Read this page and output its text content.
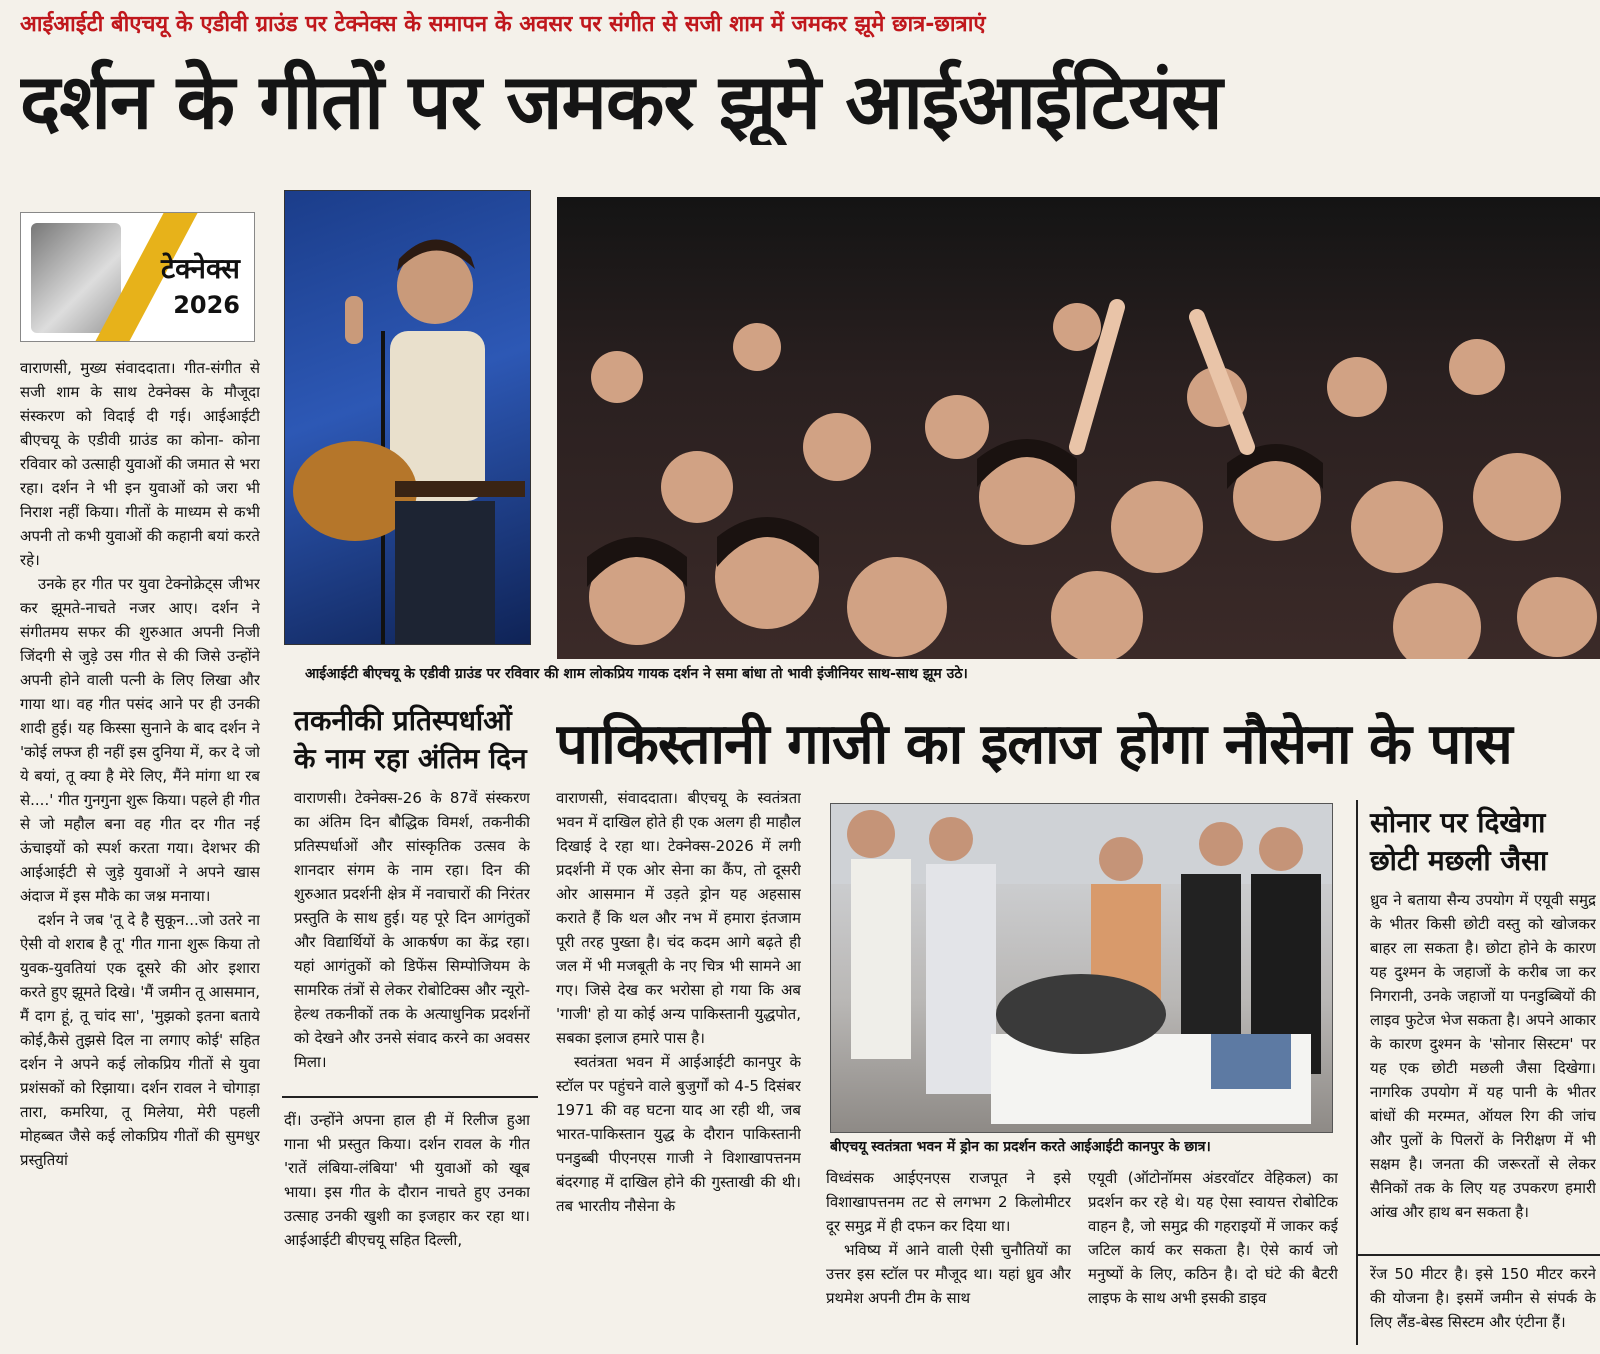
आईआईटी बीएचयू के एडीवी ग्राउंड पर टेक्नेक्स के समापन के अवसर पर संगीत से सजी शाम में जमकर झूमे छात्र-छात्राएं
दर्शन के गीतों पर जमकर झूमे आईआईटियंस
टेक्नेक्स
2026

वाराणसी, मुख्य संवाददाता। गीत-संगीत से सजी शाम के साथ टेक्नेक्स के मौजूदा संस्करण को विदाई दी गई। आईआईटी बीएचयू के एडीवी ग्राउंड का कोना- कोना रविवार को उत्साही युवाओं की जमात से भरा रहा। दर्शन ने भी इन युवाओं को जरा भी निराश नहीं किया। गीतों के माध्यम से कभी अपनी तो कभी युवाओं की कहानी बयां करते रहे।

उनके हर गीत पर युवा टेक्नोक्रेट्स जीभर कर झूमते-नाचते नजर आए। दर्शन ने संगीतमय सफर की शुरुआत अपनी निजी जिंदगी से जुड़े उस गीत से की जिसे उन्होंने अपनी होने वाली पत्नी के लिए लिखा और गाया था। वह गीत पसंद आने पर ही उनकी शादी हुई। यह किस्सा सुनाने के बाद दर्शन ने 'कोई लफ्ज ही नहीं इस दुनिया में, कर दे जो ये बयां, तू क्या है मेरे लिए, मैंने मांगा था रब से....' गीत गुनगुना शुरू किया। पहले ही गीत से जो महौल बना वह गीत दर गीत नई ऊंचाइयों को स्पर्श करता गया। देशभर की आईआईटी से जुड़े युवाओं ने अपने खास अंदाज में इस मौके का जश्न मनाया।

दर्शन ने जब 'तू दे है सुकून...जो उतरे ना ऐसी वो शराब है तू' गीत गाना शुरू किया तो युवक-युवतियां एक दूसरे की ओर इशारा करते हुए झूमते दिखे। 'मैं जमीन तू आसमान, मैं दाग हूं, तू चांद सा', 'मुझको इतना बताये कोई,कैसे तुझसे दिल ना लगाए कोई' सहित दर्शन ने अपने कई लोकप्रिय गीतों से युवा प्रशंसकों को रिझाया। दर्शन रावल ने चोगाड़ा तारा, कमरिया, तू मिलेया, मेरी पहली मोहब्बत जैसे कई लोकप्रिय गीतों की सुमधुर प्रस्तुतियां

आईआईटी बीएचयू के एडीवी ग्राउंड पर रविवार की शाम लोकप्रिय गायक दर्शन ने समा बांधा तो भावी इंजीनियर साथ-साथ झूम उठे।
तकनीकी प्रतिस्पर्धाओं के नाम रहा अंतिम दिन

वाराणसी। टेक्नेक्स-26 के 87वें संस्करण का अंतिम दिन बौद्धिक विमर्श, तकनीकी प्रतिस्पर्धाओं और सांस्कृतिक उत्सव के शानदार संगम के नाम रहा। दिन की शुरुआत प्रदर्शनी क्षेत्र में नवाचारों की निरंतर प्रस्तुति के साथ हुई। यह पूरे दिन आगंतुकों और विद्यार्थियों के आकर्षण का केंद्र रहा। यहां आगंतुकों को डिफेंस सिम्पोजियम के सामरिक तंत्रों से लेकर रोबोटिक्स और न्यूरो-हेल्थ तकनीकों तक के अत्याधुनिक प्रदर्शनों को देखने और उनसे संवाद करने का अवसर मिला।

दीं। उन्होंने अपना हाल ही में रिलीज हुआ गाना भी प्रस्तुत किया। दर्शन रावल के गीत 'रातें लंबिया-लंबिया' भी युवाओं को खूब भाया। इस गीत के दौरान नाचते हुए उनका उत्साह उनकी खुशी का इजहार कर रहा था। आईआईटी बीएचयू सहित दिल्ली,

पाकिस्तानी गाजी का इलाज होगा नौसेना के पास

वाराणसी, संवाददाता। बीएचयू के स्वतंत्रता भवन में दाखिल होते ही एक अलग ही माहौल दिखाई दे रहा था। टेक्नेक्स-2026 में लगी प्रदर्शनी में एक ओर सेना का कैंप, तो दूसरी ओर आसमान में उड़ते ड्रोन यह अहसास कराते हैं कि थल और नभ में हमारा इंतजाम पूरी तरह पुख्ता है। चंद कदम आगे बढ़ते ही जल में भी मजबूती के नए चित्र भी सामने आ गए। जिसे देख कर भरोसा हो गया कि अब 'गाजी' हो या कोई अन्य पाकिस्तानी युद्धपोत, सबका इलाज हमारे पास है।

स्वतंत्रता भवन में आईआईटी कानपुर के स्टॉल पर पहुंचने वाले बुजुर्गों को 4-5 दिसंबर 1971 की वह घटना याद आ रही थी, जब भारत-पाकिस्तान युद्ध के दौरान पाकिस्तानी पनडुब्बी पीएनएस गाजी ने विशाखापत्तनम बंदरगाह में दाखिल होने की गुस्ताखी की थी। तब भारतीय नौसेना के

बीएचयू स्वतंत्रता भवन में ड्रोन का प्रदर्शन करते आईआईटी कानपुर के छात्र।

विध्वंसक आईएनएस राजपूत ने इसे विशाखापत्तनम तट से लगभग 2 किलोमीटर दूर समुद्र में ही दफन कर दिया था।

भविष्य में आने वाली ऐसी चुनौतियों का उत्तर इस स्टॉल पर मौजूद था। यहां ध्रुव और प्रथमेश अपनी टीम के साथ

एयूवी (ऑटोनॉमस अंडरवॉटर वेहिकल) का प्रदर्शन कर रहे थे। यह ऐसा स्वायत्त रोबोटिक वाहन है, जो समुद्र की गहराइयों में जाकर कई जटिल कार्य कर सकता है। ऐसे कार्य जो मनुष्यों के लिए, कठिन है। दो घंटे की बैटरी लाइफ के साथ अभी इसकी डाइव

सोनार पर दिखेगा छोटी मछली जैसा

ध्रुव ने बताया सैन्य उपयोग में एयूवी समुद्र के भीतर किसी छोटी वस्तु को खोजकर बाहर ला सकता है। छोटा होने के कारण यह दुश्मन के जहाजों के करीब जा कर निगरानी, उनके जहाजों या पनडुब्बियों की लाइव फुटेज भेज सकता है। अपने आकार के कारण दुश्मन के 'सोनार सिस्टम' पर यह एक छोटी मछली जैसा दिखेगा। नागरिक उपयोग में यह पानी के भीतर बांधों की मरम्मत, ऑयल रिग की जांच और पुलों के पिलरों के निरीक्षण में भी सक्षम है। जनता की जरूरतों से लेकर सैनिकों तक के लिए यह उपकरण हमारी आंख और हाथ बन सकता है।

रेंज 50 मीटर है। इसे 150 मीटर करने की योजना है। इसमें जमीन से संपर्क के लिए लैंड-बेस्ड सिस्टम और एंटीना हैं।
